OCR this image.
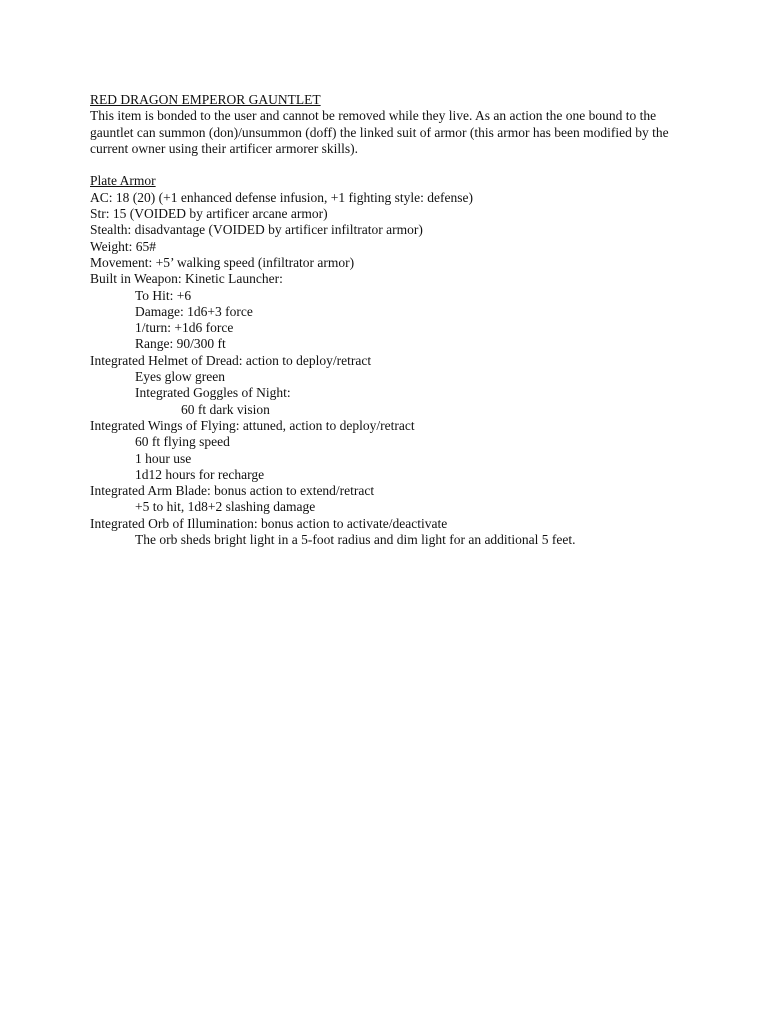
RED DRAGON EMPEROR GAUNTLET
This item is bonded to the user and cannot be removed while they live. As an action the one bound to the gauntlet can summon (don)/unsummon (doff) the linked suit of armor (this armor has been modified by the current owner using their artificer armorer skills).
Plate Armor
AC: 18 (20) (+1 enhanced defense infusion, +1 fighting style: defense)
Str: 15 (VOIDED by artificer arcane armor)
Stealth: disadvantage (VOIDED by artificer infiltrator armor)
Weight: 65#
Movement: +5’ walking speed (infiltrator armor)
Built in Weapon: Kinetic Launcher:
To Hit: +6
Damage: 1d6+3 force
1/turn: +1d6 force
Range: 90/300 ft
Integrated Helmet of Dread: action to deploy/retract
Eyes glow green
Integrated Goggles of Night:
60 ft dark vision
Integrated Wings of Flying: attuned, action to deploy/retract
60 ft flying speed
1 hour use
1d12 hours for recharge
Integrated Arm Blade: bonus action to extend/retract
+5 to hit, 1d8+2 slashing damage
Integrated Orb of Illumination: bonus action to activate/deactivate
The orb sheds bright light in a 5-foot radius and dim light for an additional 5 feet.
